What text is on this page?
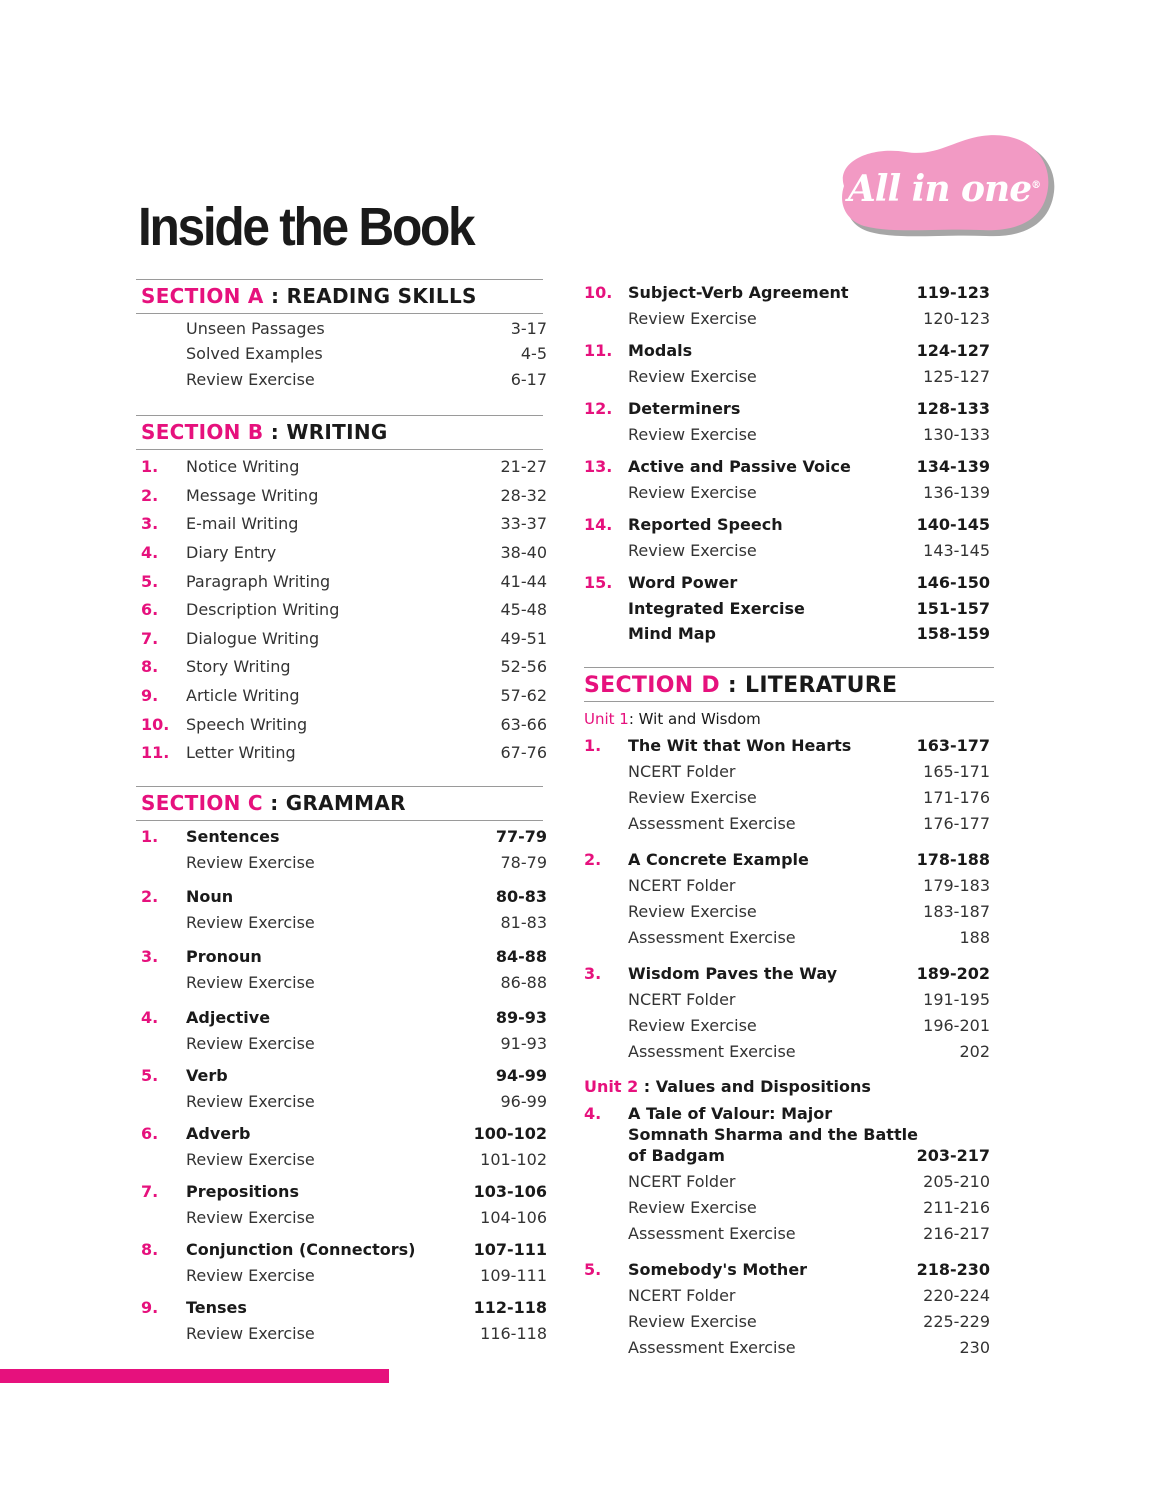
Inside the Book
All in one®
SECTION A : READING SKILLS
Unseen Passages	3-17
Solved Examples	4-5
Review Exercise	6-17
SECTION B : WRITING
1. Notice Writing	21-27
2. Message Writing	28-32
3. E-mail Writing	33-37
4. Diary Entry	38-40
5. Paragraph Writing	41-44
6. Description Writing	45-48
7. Dialogue Writing	49-51
8. Story Writing	52-56
9. Article Writing	57-62
10. Speech Writing	63-66
11. Letter Writing	67-76
SECTION C : GRAMMAR
1. Sentences	77-79
Review Exercise	78-79
2. Noun	80-83
Review Exercise	81-83
3. Pronoun	84-88
Review Exercise	86-88
4. Adjective	89-93
Review Exercise	91-93
5. Verb	94-99
Review Exercise	96-99
6. Adverb	100-102
Review Exercise	101-102
7. Prepositions	103-106
Review Exercise	104-106
8. Conjunction (Connectors)	107-111
Review Exercise	109-111
9. Tenses	112-118
Review Exercise	116-118
10. Subject-Verb Agreement	119-123
Review Exercise	120-123
11. Modals	124-127
Review Exercise	125-127
12. Determiners	128-133
Review Exercise	130-133
13. Active and Passive Voice	134-139
Review Exercise	136-139
14. Reported Speech	140-145
Review Exercise	143-145
15. Word Power	146-150
Integrated Exercise	151-157
Mind Map	158-159
SECTION D : LITERATURE
Unit 1: Wit and Wisdom
1. The Wit that Won Hearts	163-177
NCERT Folder	165-171
Review Exercise	171-176
Assessment Exercise	176-177
2. A Concrete Example	178-188
NCERT Folder	179-183
Review Exercise	183-187
Assessment Exercise	188
3. Wisdom Paves the Way	189-202
NCERT Folder	191-195
Review Exercise	196-201
Assessment Exercise	202
Unit 2 : Values and Dispositions
4. A Tale of Valour: Major Somnath Sharma and the Battle of Badgam	203-217
NCERT Folder	205-210
Review Exercise	211-216
Assessment Exercise	216-217
5. Somebody's Mother	218-230
NCERT Folder	220-224
Review Exercise	225-229
Assessment Exercise	230
